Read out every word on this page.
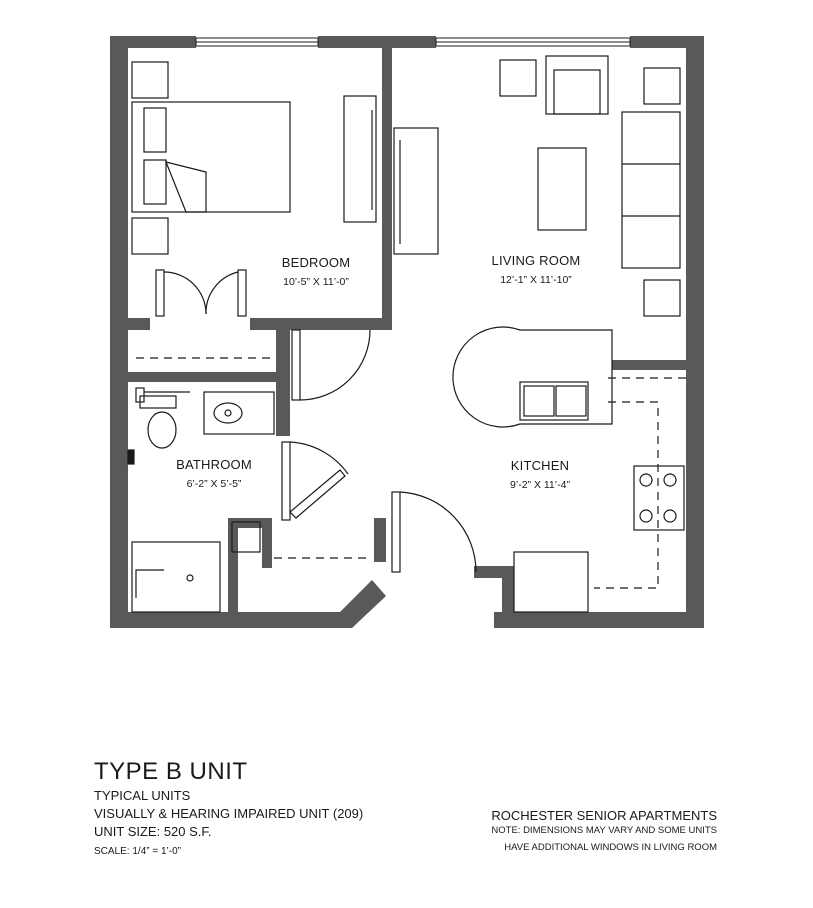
BEDROOM
10’-5” X 11’-0”
LIVING ROOM
12’-1” X 11’-10”
BATHROOM
6’-2” X 5’-5”
KITCHEN
9’-2” X 11’-4”
TYPE B UNIT
TYPICAL UNITS
VISUALLY & HEARING IMPAIRED UNIT (209)
UNIT SIZE: 520 S.F.
SCALE: 1/4” = 1’-0”
ROCHESTER SENIOR APARTMENTS
NOTE: DIMENSIONS MAY VARY AND SOME UNITS
HAVE ADDITIONAL WINDOWS IN LIVING ROOM
